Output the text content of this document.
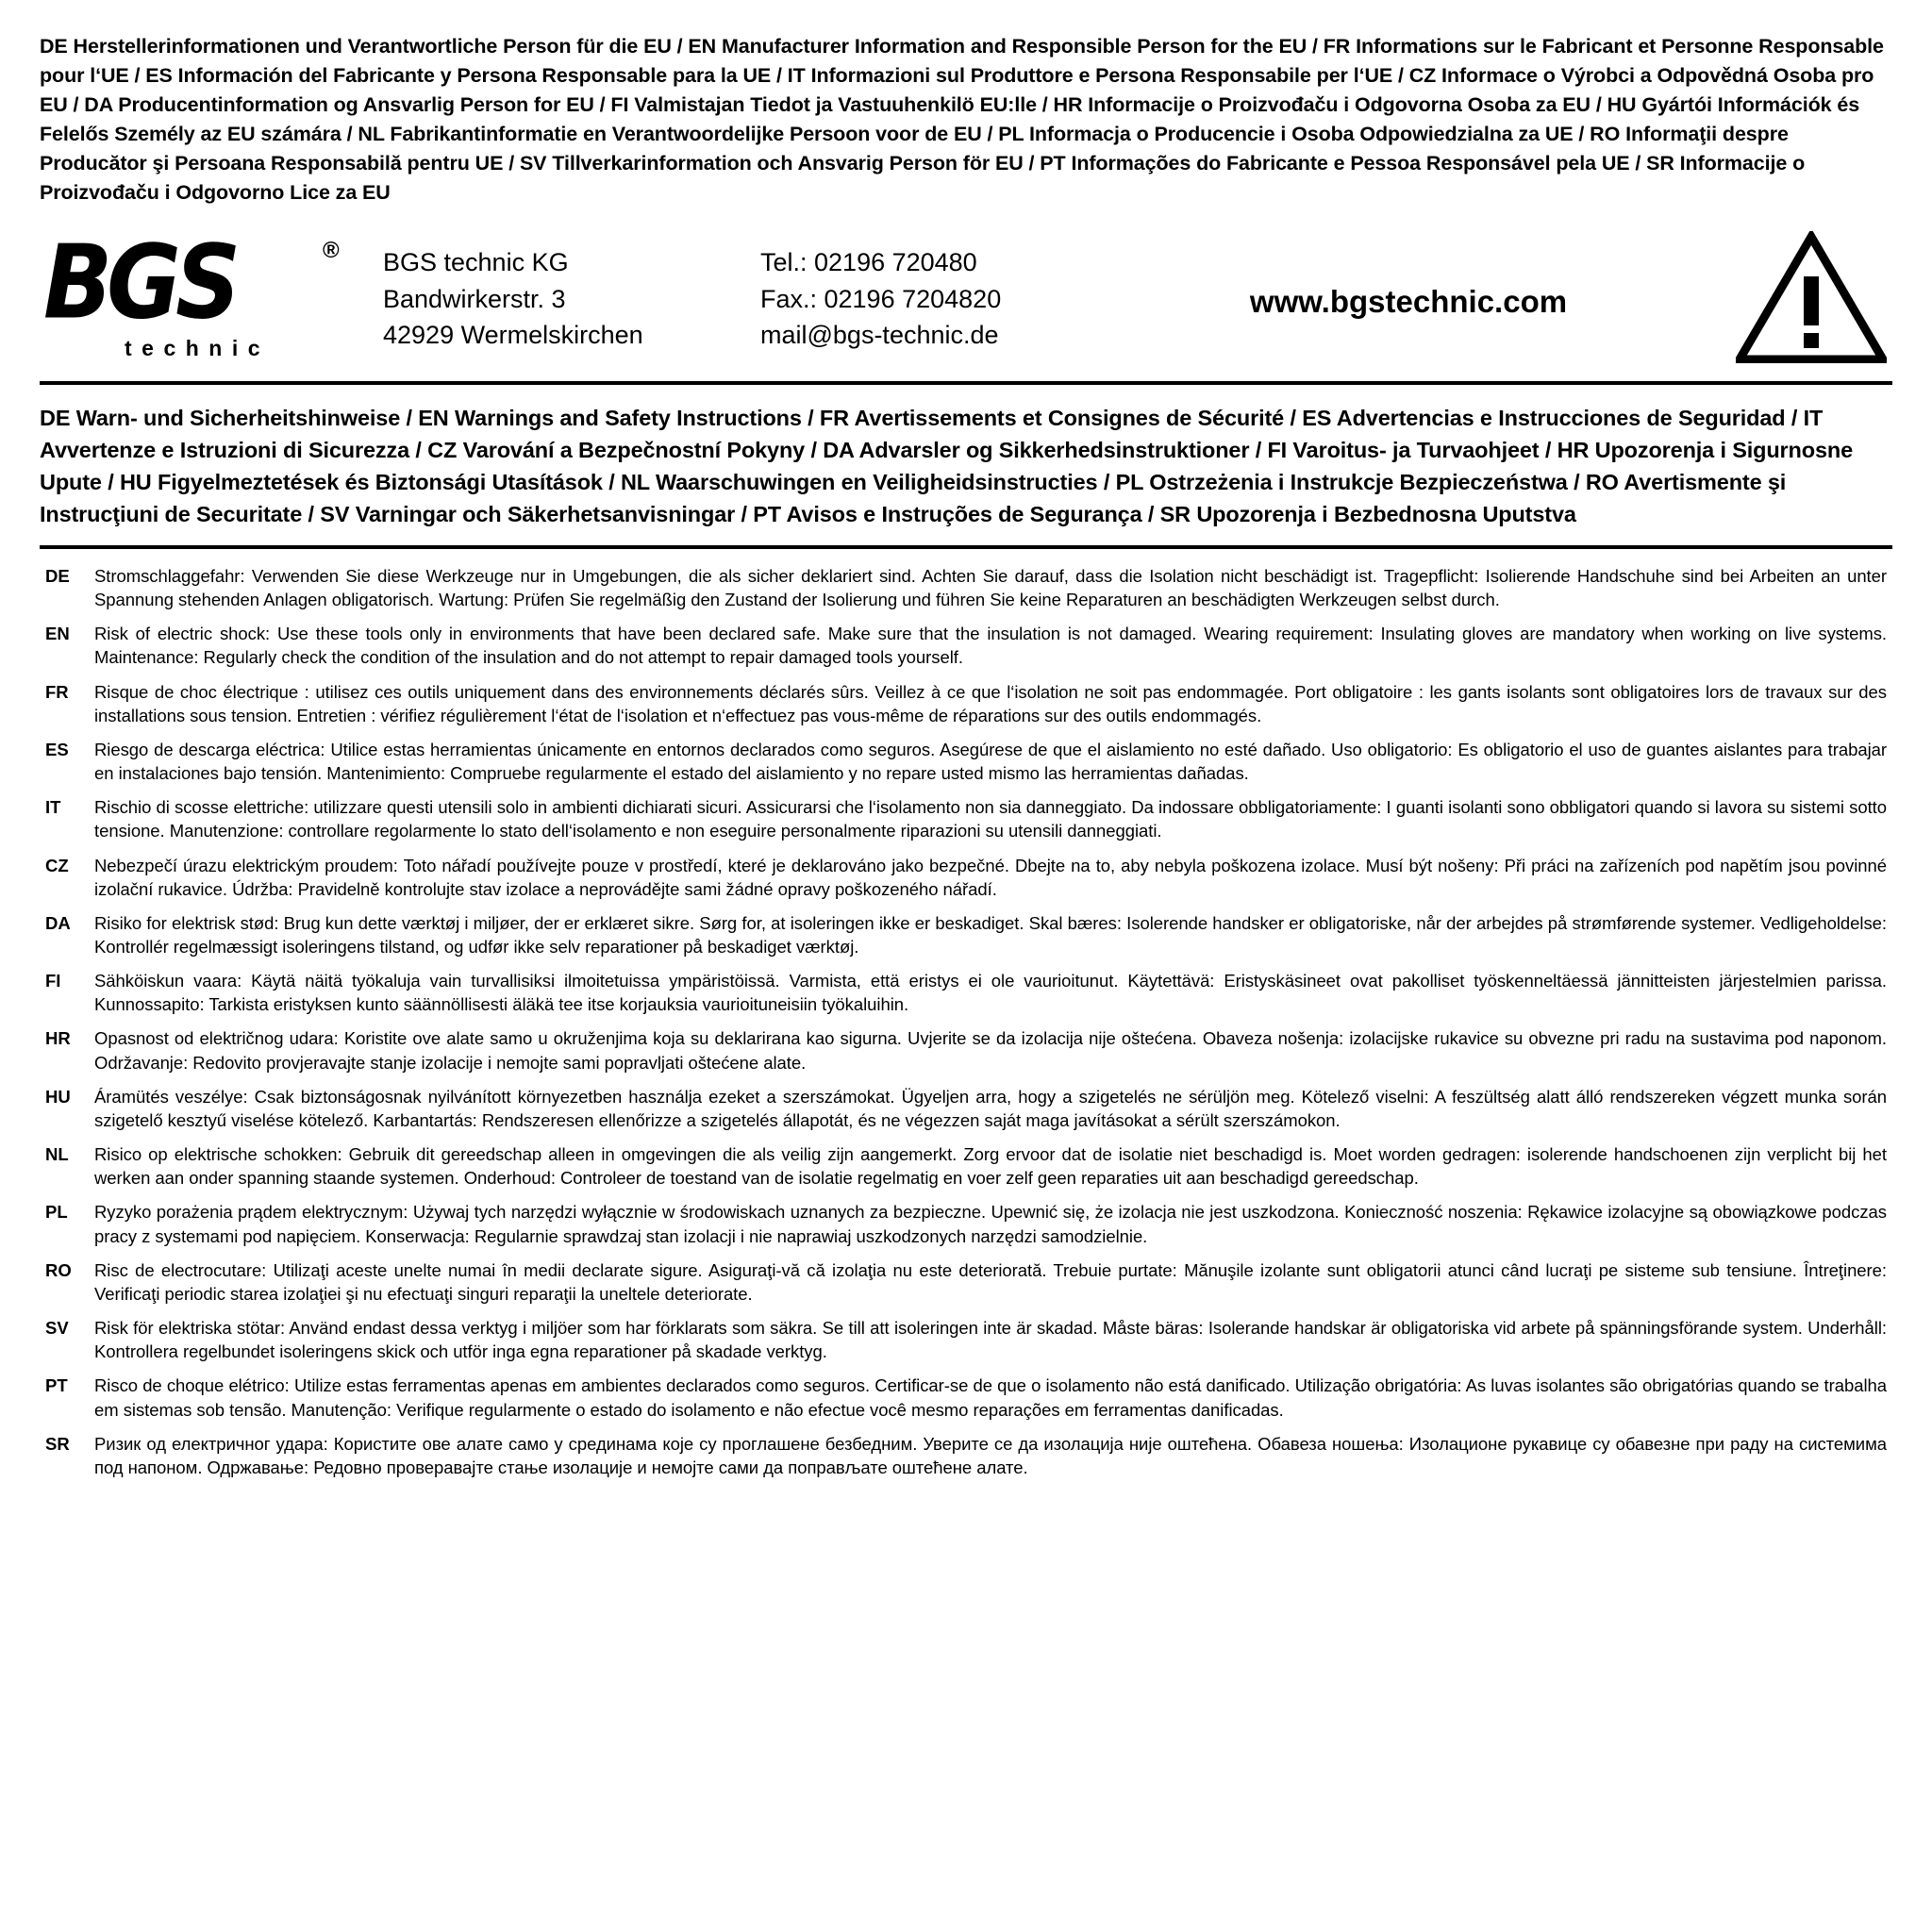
DE Herstellerinformationen und Verantwortliche Person für die EU / EN Manufacturer Information and Responsible Person for the EU / FR Informations sur le Fabricant et Personne Responsable pour l‘UE / ES Información del Fabricante y Persona Responsable para la UE / IT Informazioni sul Produttore e Persona Responsabile per l‘UE / CZ Informace o Výrobci a Odpovědná Osoba pro EU / DA Producentinformation og Ansvarlig Person for EU / FI Valmistajan Tiedot ja Vastuuhenkilö EU:lle / HR Informacije o Proizvođaču i Odgovorna Osoba za EU / HU Gyártói Információk és Felelős Személy az EU számára / NL Fabrikantinformatie en Verantwoordelijke Persoon voor de EU / PL Informacja o Producencie i Osoba Odpowiedzialna za UE / RO Informaţii despre Producător şi Persoana Responsabilă pentru UE / SV Tillverkarinformation och Ansvarig Person för EU / PT Informações do Fabricante e Pessoa Responsável pela UE / SR Informacije o Proizvođaču i Odgovorno Lice za EU
BGS	®
technic
BGS technic KG
Bandwirkerstr. 3
42929 Wermelskirchen
Tel.: 02196 720480
Fax.: 02196 7204820
mail@bgs-technic.de
www.bgstechnic.com
DE Warn- und Sicherheitshinweise / EN Warnings and Safety Instructions / FR Avertissements et Consignes de Sécurité / ES Advertencias e Instrucciones de Seguridad / IT Avvertenze e Istruzioni di Sicurezza / CZ Varování a Bezpečnostní Pokyny / DA Advarsler og Sikkerhedsinstruktioner / FI Varoitus- ja Turvaohjeet / HR Upozorenja i Sigurnosne Upute / HU Figyelmeztetések és Biztonsági Utasítások / NL Waarschuwingen en Veiligheidsinstructies / PL Ostrzeżenia i Instrukcje Bezpieczeństwa / RO Avertismente şi Instrucţiuni de Securitate / SV Varningar och Säkerhetsanvisningar / PT Avisos e Instruções de Segurança / SR Upozorenja i Bezbednosna Uputstva
DE	Stromschlaggefahr: Verwenden Sie diese Werkzeuge nur in Umgebungen, die als sicher deklariert sind. Achten Sie darauf, dass die Isolation nicht beschädigt ist. Tragepflicht: Isolierende Handschuhe sind bei Arbeiten an unter Spannung stehenden Anlagen obligatorisch. Wartung: Prüfen Sie regelmäßig den Zustand der Isolierung und führen Sie keine Reparaturen an beschädigten Werkzeugen selbst durch.
EN	Risk of electric shock: Use these tools only in environments that have been declared safe. Make sure that the insulation is not damaged. Wearing requirement: Insulating gloves are mandatory when working on live systems. Maintenance: Regularly check the condition of the insulation and do not attempt to repair damaged tools yourself.
FR	Risque de choc électrique : utilisez ces outils uniquement dans des environnements déclarés sûrs. Veillez à ce que l‘isolation ne soit pas endommagée. Port obligatoire : les gants isolants sont obligatoires lors de travaux sur des installations sous tension. Entretien : vérifiez régulièrement l‘état de l‘isolation et n‘effectuez pas vous-même de réparations sur des outils endommagés.
ES	Riesgo de descarga eléctrica: Utilice estas herramientas únicamente en entornos declarados como seguros. Asegúrese de que el aislamiento no esté dañado. Uso obligatorio: Es obligatorio el uso de guantes aislantes para trabajar en instalaciones bajo tensión. Mantenimiento: Compruebe regularmente el estado del aislamiento y no repare usted mismo las herramientas dañadas.
IT	Rischio di scosse elettriche: utilizzare questi utensili solo in ambienti dichiarati sicuri. Assicurarsi che l‘isolamento non sia danneggiato. Da indossare obbligatoriamente: I guanti isolanti sono obbligatori quando si lavora su sistemi sotto tensione. Manutenzione: controllare regolarmente lo stato dell‘isolamento e non eseguire personalmente riparazioni su utensili danneggiati.
CZ	Nebezpečí úrazu elektrickým proudem: Toto nářadí používejte pouze v prostředí, které je deklarováno jako bezpečné. Dbejte na to, aby nebyla poškozena izolace. Musí být nošeny: Při práci na zařízeních pod napětím jsou povinné izolační rukavice. Údržba: Pravidelně kontrolujte stav izolace a neprovádějte sami žádné opravy poškozeného nářadí.
DA	Risiko for elektrisk stød: Brug kun dette værktøj i miljøer, der er erklæret sikre. Sørg for, at isoleringen ikke er beskadiget. Skal bæres: Isolerende handsker er obligatoriske, når der arbejdes på strømførende systemer. Vedligeholdelse: Kontrollér regelmæssigt isoleringens tilstand, og udfør ikke selv reparationer på beskadiget værktøj.
FI	Sähköiskun vaara: Käytä näitä työkaluja vain turvallisiksi ilmoitetuissa ympäristöissä. Varmista, että eristys ei ole vaurioitunut. Käytettävä: Eristyskäsineet ovat pakolliset työskenneltäessä jännitteisten järjestelmien parissa. Kunnossapito: Tarkista eristyksen kunto säännöllisesti äläkä tee itse korjauksia vaurioituneisiin työkaluihin.
HR	Opasnost od električnog udara: Koristite ove alate samo u okruženjima koja su deklarirana kao sigurna. Uvjerite se da izolacija nije oštećena. Obaveza nošenja: izolacijske rukavice su obvezne pri radu na sustavima pod naponom. Održavanje: Redovito provjeravajte stanje izolacije i nemojte sami popravljati oštećene alate.
HU	Áramütés veszélye: Csak biztonságosnak nyilvánított környezetben használja ezeket a szerszámokat. Ügyeljen arra, hogy a szigetelés ne sérüljön meg. Kötelező viselni: A feszültség alatt álló rendszereken végzett munka során szigetelő kesztyű viselése kötelező. Karbantartás: Rendszeresen ellenőrizze a szigetelés állapotát, és ne végezzen saját maga javításokat a sérült szerszámokon.
NL	Risico op elektrische schokken: Gebruik dit gereedschap alleen in omgevingen die als veilig zijn aangemerkt. Zorg ervoor dat de isolatie niet beschadigd is. Moet worden gedragen: isolerende handschoenen zijn verplicht bij het werken aan onder spanning staande systemen. Onderhoud: Controleer de toestand van de isolatie regelmatig en voer zelf geen reparaties uit aan beschadigd gereedschap.
PL	Ryzyko porażenia prądem elektrycznym: Używaj tych narzędzi wyłącznie w środowiskach uznanych za bezpieczne. Upewnić się, że izolacja nie jest uszkodzona. Konieczność noszenia: Rękawice izolacyjne są obowiązkowe podczas pracy z systemami pod napięciem. Konserwacja: Regularnie sprawdzaj stan izolacji i nie naprawiaj uszkodzonych narzędzi samodzielnie.
RO	Risc de electrocutare: Utilizaţi aceste unelte numai în medii declarate sigure. Asiguraţi-vă că izolaţia nu este deteriorată. Trebuie purtate: Mănuşile izolante sunt obligatorii atunci când lucraţi pe sisteme sub tensiune. Întreţinere: Verificaţi periodic starea izolaţiei şi nu efectuaţi singuri reparaţii la uneltele deteriorate.
SV	Risk för elektriska stötar: Använd endast dessa verktyg i miljöer som har förklarats som säkra. Se till att isoleringen inte är skadad. Måste bäras: Isolerande handskar är obligatoriska vid arbete på spänningsförande system. Underhåll: Kontrollera regelbundet isoleringens skick och utför inga egna reparationer på skadade verktyg.
PT	Risco de choque elétrico: Utilize estas ferramentas apenas em ambientes declarados como seguros. Certificar-se de que o isolamento não está danificado. Utilização obrigatória: As luvas isolantes são obrigatórias quando se trabalha em sistemas sob tensão. Manutenção: Verifique regularmente o estado do isolamento e não efectue você mesmo reparações em ferramentas danificadas.
SR	Ризик од електричног удара: Користите ове алате само у срединама које су проглашене безбедним. Уверите се да изолација није оштећена. Обавеза ношења: Изолационе рукавице су обавезне при раду на системима под напоном. Одржавање: Редовно проверавајте стање изолације и немојте сами да поправљате оштећене алате.
